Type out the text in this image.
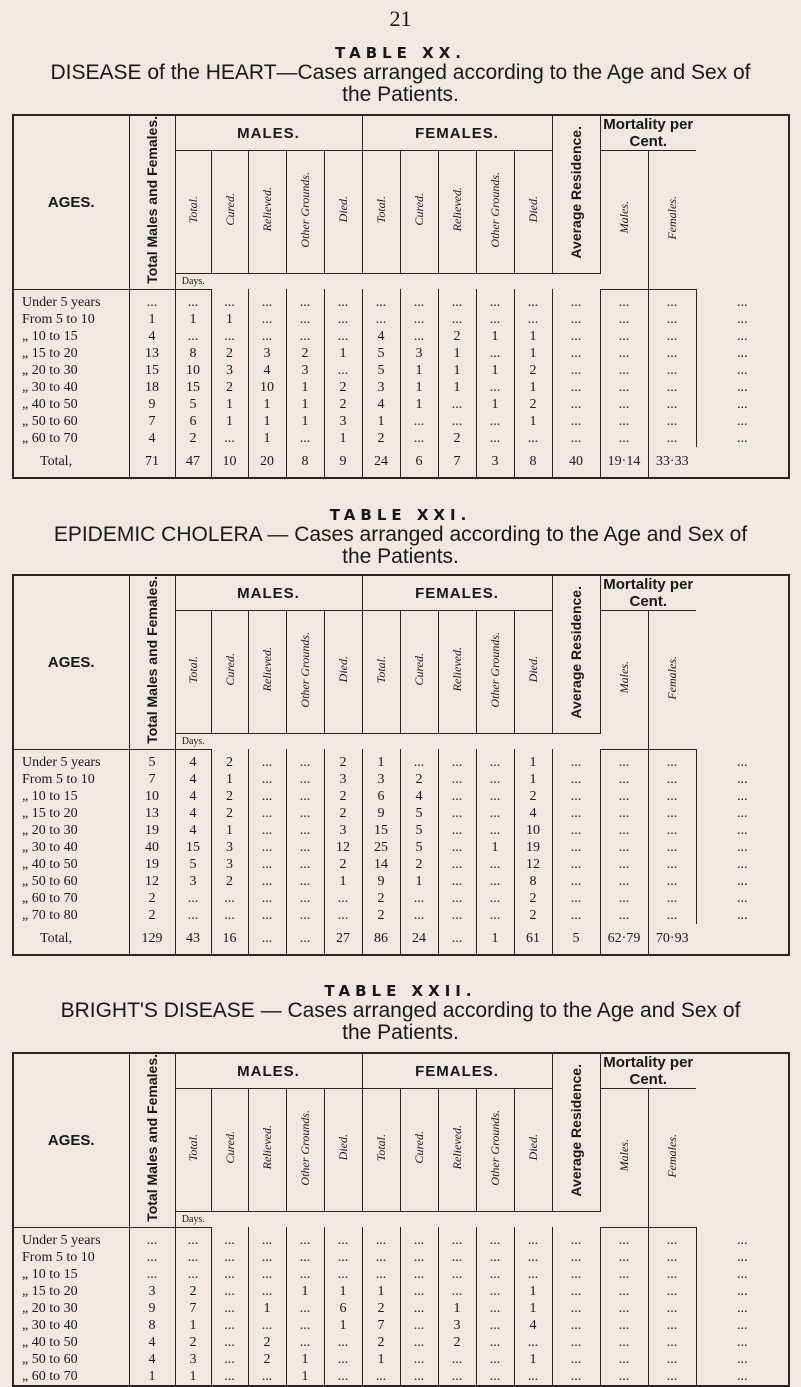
21
TABLE XX.
DISEASE of the HEART—Cases arranged according to the Age and Sex of
the Patients.
AGES.	Total Males and Females.	MALES.					FEMALES.					Average Residence.	Mortality per Cent.		
		Total.	Cured.	Relieved.	Other Grounds.	Died.	Total.	Cured.	Relieved.	Other Grounds.	Died.		Males.	Females.	
		Days.													
Under 5 years	...	...	...	...	...	...	...	...	...	...	...	...	...	...	...
From 5 to 10	1	1	1	...	...	...	...	...	...	...	...	...	...	...	...
„ 10 to 15	4	...	...	...	...	...	4	...	2	1	1	...	...	...	...
„ 15 to 20	13	8	2	3	2	1	5	3	1	...	1	...	...	...	...
„ 20 to 30	15	10	3	4	3	...	5	1	1	1	2	...	...	...	...
„ 30 to 40	18	15	2	10	1	2	3	1	1	...	1	...	...	...	...
„ 40 to 50	9	5	1	1	1	2	4	1	...	1	2	...	...	...	...
„ 50 to 60	7	6	1	1	1	3	1	...	...	...	1	...	...	...	...
„ 60 to 70	4	2	...	1	...	1	2	...	2	...	...	...	...	...	...
Total,	71	47	10	20	8	9	24	6	7	3	8	40	19·14	33·33	
TABLE XXI.
EPIDEMIC CHOLERA — Cases arranged according to the Age and Sex of
the Patients.
AGES.	Total Males and Females.	MALES.					FEMALES.					Average Residence.	Mortality per Cent.		
		Total.	Cured.	Relieved.	Other Grounds.	Died.	Total.	Cured.	Relieved.	Other Grounds.	Died.		Males.	Females.	
		Days.													
Under 5 years	5	4	2	...	...	2	1	...	...	...	1	...	...	...	...
From 5 to 10	7	4	1	...	...	3	3	2	...	...	1	...	...	...	...
„ 10 to 15	10	4	2	...	...	2	6	4	...	...	2	...	...	...	...
„ 15 to 20	13	4	2	...	...	2	9	5	...	...	4	...	...	...	...
„ 20 to 30	19	4	1	...	...	3	15	5	...	...	10	...	...	...	...
„ 30 to 40	40	15	3	...	...	12	25	5	...	1	19	...	...	...	...
„ 40 to 50	19	5	3	...	...	2	14	2	...	...	12	...	...	...	...
„ 50 to 60	12	3	2	...	...	1	9	1	...	...	8	...	...	...	...
„ 60 to 70	2	...	...	...	...	...	2	...	...	...	2	...	...	...	...
„ 70 to 80	2	...	...	...	...	...	2	...	...	...	2	...	...	...	...
Total,	129	43	16	...	...	27	86	24	...	1	61	5	62·79	70·93	
TABLE XXII.
BRIGHT'S DISEASE — Cases arranged according to the Age and Sex of
the Patients.
AGES.	Total Males and Females.	MALES.					FEMALES.					Average Residence.	Mortality per Cent.		
		Total.	Cured.	Relieved.	Other Grounds.	Died.	Total.	Cured.	Relieved.	Other Grounds.	Died.		Males.	Females.	
		Days.													
Under 5 years	...	...	...	...	...	...	...	...	...	...	...	...	...	...	...
From 5 to 10	...	...	...	...	...	...	...	...	...	...	...	...	...	...	...
„ 10 to 15	...	...	...	...	...	...	...	...	...	...	...	...	...	...	...
„ 15 to 20	3	2	...	...	1	1	1	...	...	...	1	...	...	...	...
„ 20 to 30	9	7	...	1	...	6	2	...	1	...	1	...	...	...	...
„ 30 to 40	8	1	...	...	...	1	7	...	3	...	4	...	...	...	...
„ 40 to 50	4	2	...	2	...	...	2	...	2	...	...	...	...	...	...
„ 50 to 60	4	3	...	2	1	...	1	...	...	...	1	...	...	...	...
„ 60 to 70	1	1	...	...	1	...	...	...	...	...	...	...	...	...	...
